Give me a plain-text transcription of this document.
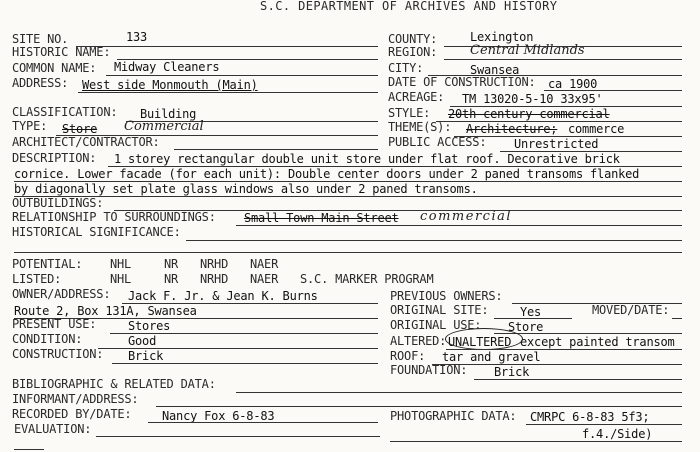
S.C. DEPARTMENT OF ARCHIVES AND HISTORY
SITE NO.	133
HISTORIC NAME:
COMMON NAME: Midway Cleaners
ADDRESS: West side Monmouth (Main)
CLASSIFICATION: Building
TYPE: Store Commercial
ARCHITECT/CONTRACTOR:
COUNTY:	Lexington
REGION:	Central Midlands
CITY:	Swansea
DATE OF CONSTRUCTION: ca 1900
ACREAGE: TM 13020-5-10 33x95'
STYLE: 20th century commercial
THEME(S): Architecture; commerce
PUBLIC ACCESS: Unrestricted
DESCRIPTION: 1 storey rectangular double unit store under flat roof. Decorative brick
cornice. Lower facade (for each unit): Double center doors under 2 paned transoms flanked
by diagonally set plate glass windows also under 2 paned transoms.
OUTBUILDINGS:
RELATIONSHIP TO SURROUNDINGS: Small Town Main Street commercial
HISTORICAL SIGNIFICANCE:
POTENTIAL: NHL	NR NRHD NAER
LISTED:	NHL	NR NRHD NAER S.C. MARKER PROGRAM
OWNER/ADDRESS: Jack F. Jr. & Jean K. Burns
Route 2, Box 131A, Swansea
PRESENT USE:	Stores
CONDITION:	Good
CONSTRUCTION: Brick
PREVIOUS OWNERS:
ORIGINAL SITE:	Yes	MOVED/DATE:
ORIGINAL USE: Store
ALTERED: UNALTERED except painted transom
ROOF: tar and gravel
FOUNDATION: Brick
BIBLIOGRAPHIC & RELATED DATA:
INFORMANT/ADDRESS:
RECORDED BY/DATE:	Nancy Fox 6-8-83
EVALUATION:
PHOTOGRAPHIC DATA: CMRPC 6-8-83 5f3;
f.4./Side)
